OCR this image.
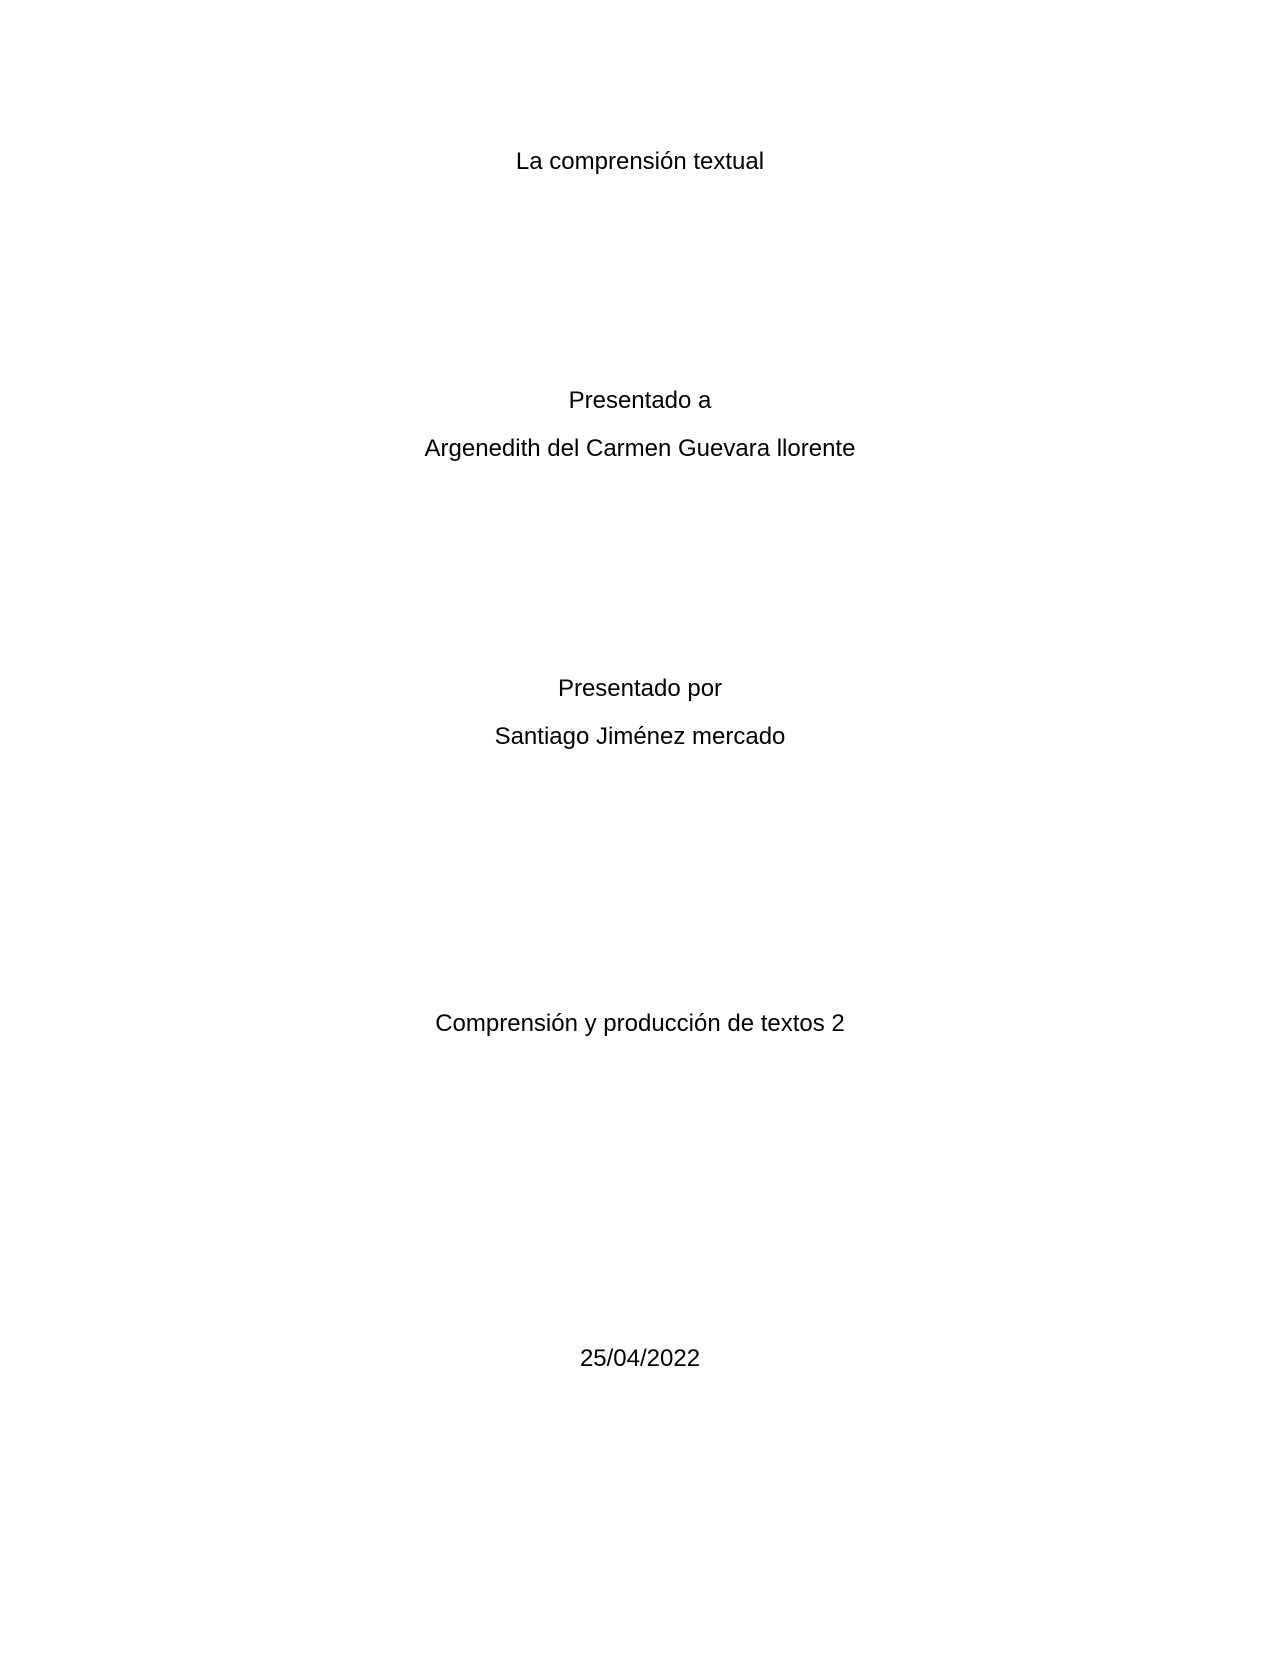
La comprensión textual
Presentado a
Argenedith del Carmen Guevara llorente
Presentado por
Santiago Jiménez mercado
Comprensión y producción de textos 2
25/04/2022
